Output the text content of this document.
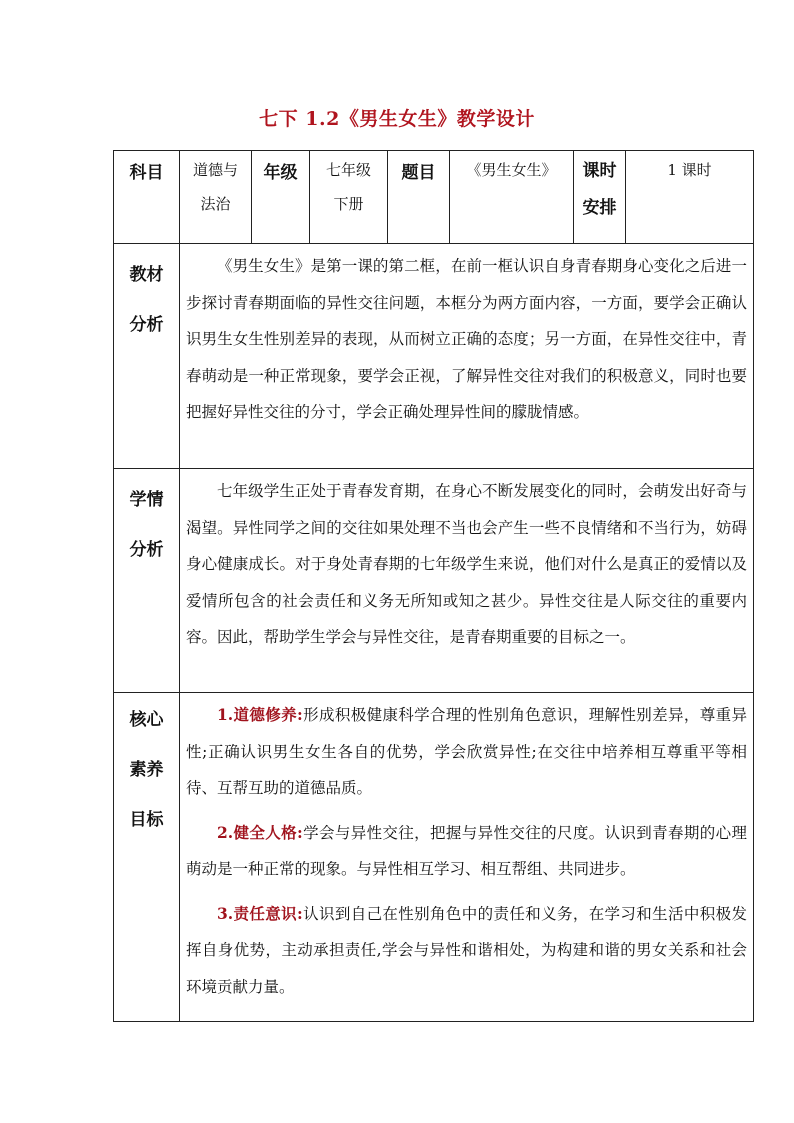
七下 1.2《男生女生》教学设计
科目	道德与法治	年级	七年级下册	题目	《男生女生》	课时安排	1 课时
教材分析	《男生女生》是第一课的第二框，在前一框认识自身青春期身心变化之后进一步探讨青春期面临的异性交往问题，本框分为两方面内容，一方面，要学会正确认识男生女生性别差异的表现，从而树立正确的态度；另一方面，在异性交往中，青春萌动是一种正常现象，要学会正视，了解异性交往对我们的积极意义，同时也要把握好异性交往的分寸，学会正确处理异性间的朦胧情感。						

学情分析	七年级学生正处于青春发育期，在身心不断发展变化的同时，会萌发出好奇与渴望。异性同学之间的交往如果处理不当也会产生一些不良情绪和不当行为，妨碍身心健康成长。对于身处青春期的七年级学生来说，他们对什么是真正的爱情以及爱情所包含的社会责任和义务无所知或知之甚少。异性交往是人际交往的重要内容。因此，帮助学生学会与异性交往，是青春期重要的目标之一。						

核心素养目标	1.道德修养:形成积极健康科学合理的性别角色意识，理解性别差异，尊重异性;正确认识男生女生各自的优势，学会欣赏异性;在交往中培养相互尊重平等相待、互帮互助的道德品质。

2.健全人格:学会与异性交往，把握与异性交往的尺度。认识到青春期的心理萌动是一种正常的现象。与异性相互学习、相互帮组、共同进步。

3.责任意识:认识到自己在性别角色中的责任和义务，在学习和生活中积极发挥自身优势，主动承担责任,学会与异性和谐相处，为构建和谐的男女关系和社会环境贡献力量。						
